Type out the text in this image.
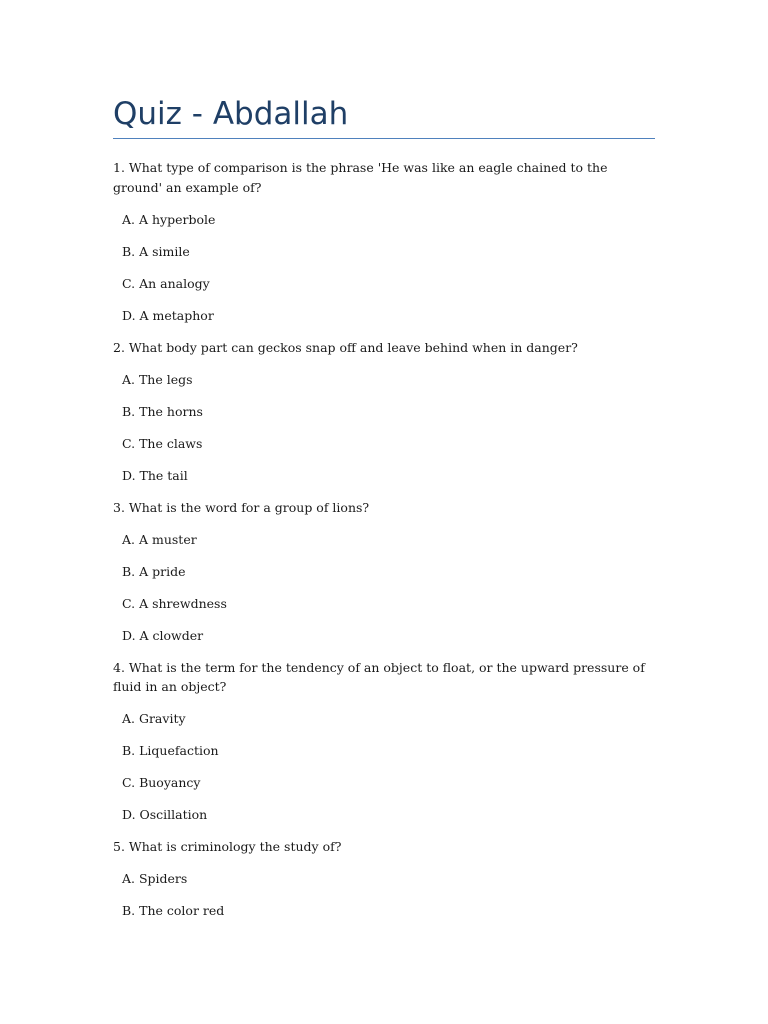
Quiz - Abdallah

1. What type of comparison is the phrase 'He was like an eagle chained to the ground' an example of?

A. A hyperbole

B. A simile

C. An analogy

D. A metaphor

2. What body part can geckos snap off and leave behind when in danger?

A. The legs

B. The horns

C. The claws

D. The tail

3. What is the word for a group of lions?

A. A muster

B. A pride

C. A shrewdness

D. A clowder

4. What is the term for the tendency of an object to float, or the upward pressure of fluid in an object?

A. Gravity

B. Liquefaction

C. Buoyancy

D. Oscillation

5. What is criminology the study of?

A. Spiders

B. The color red
